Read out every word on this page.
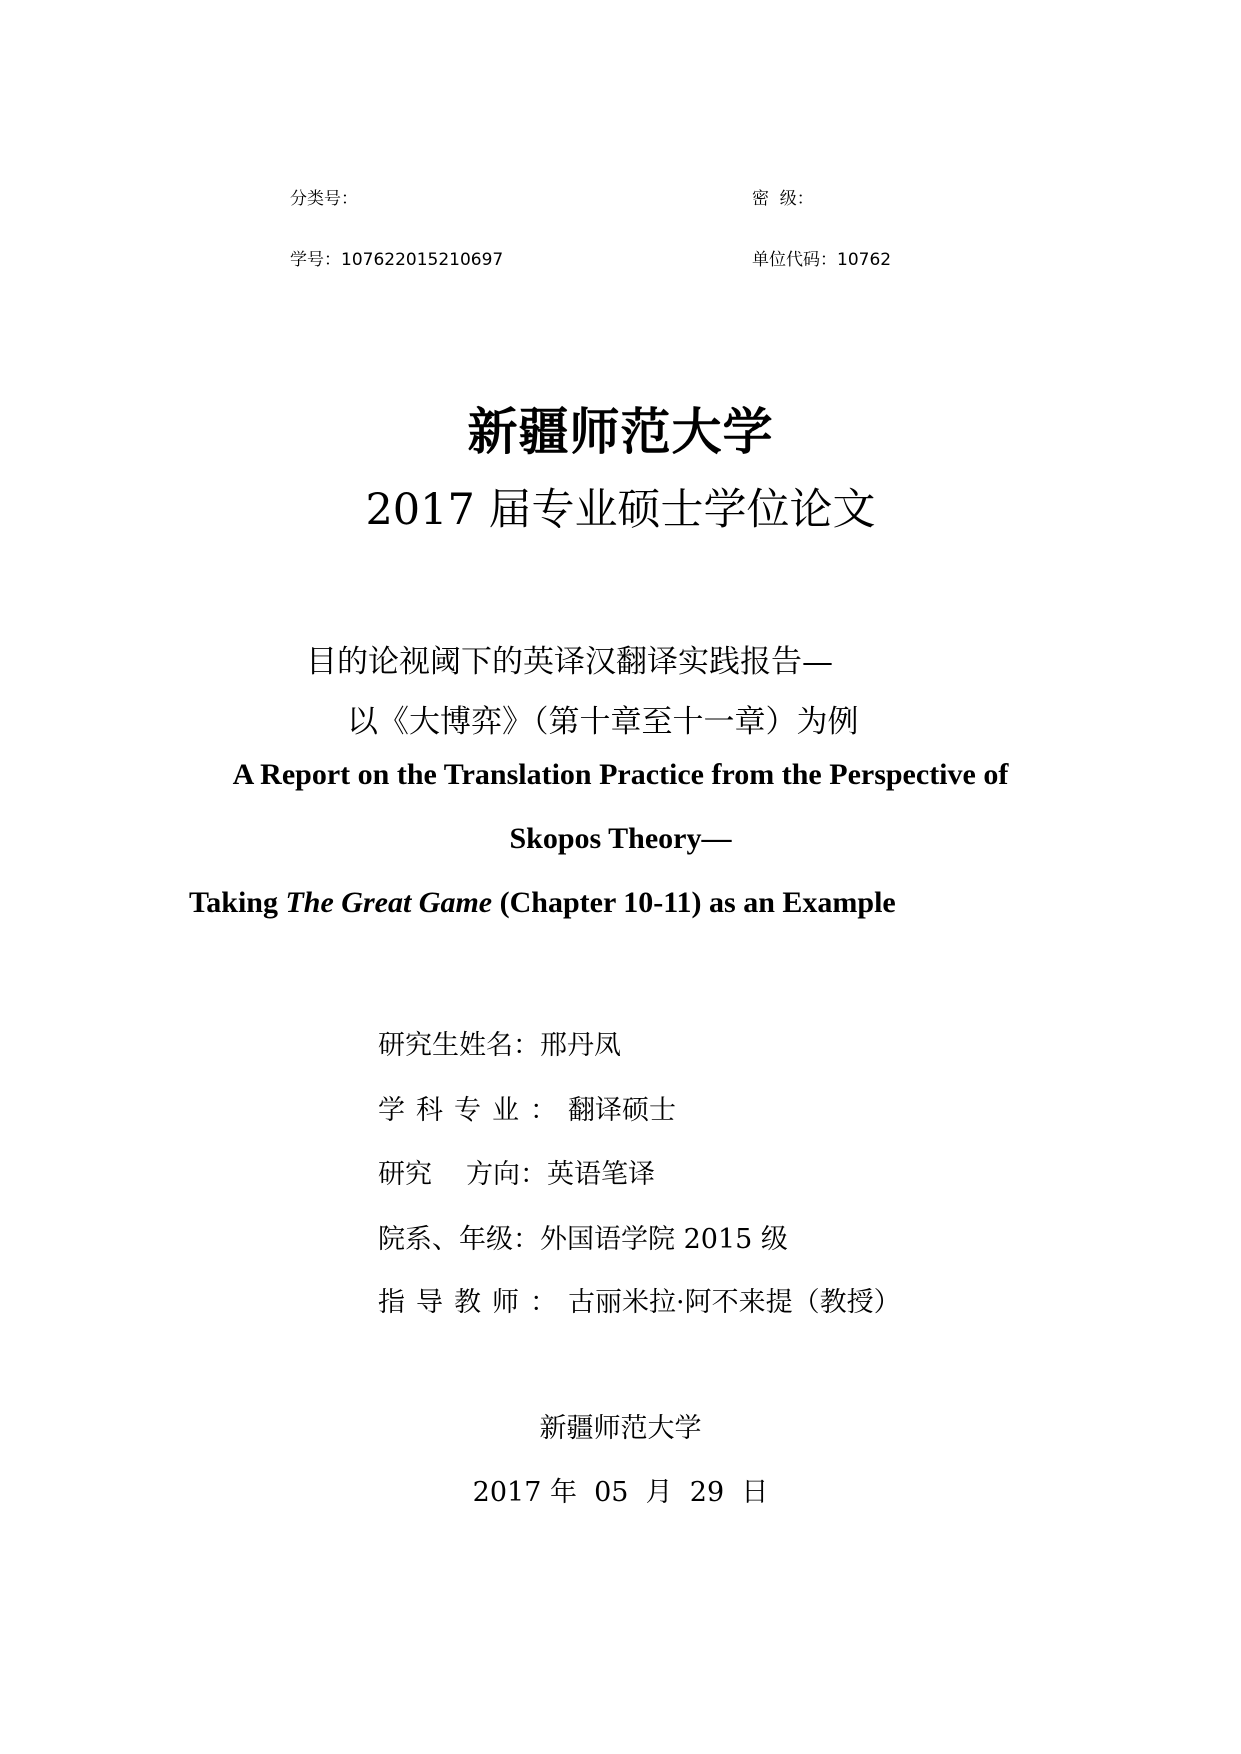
分类号：	密  级：
学号：107622015210697	单位代码：10762
新疆师范大学
2017 届专业硕士学位论文
目的论视阈下的英译汉翻译实践报告—
以《大博弈》（第十章至十一章）为例
A Report on the Translation Practice from the Perspective of
Skopos Theory—
Taking The Great Game (Chapter 10-11) as an Example
研究生姓名：邢丹凤
学科专业：翻译硕士
研究 方向：英语笔译
院系、年级：外国语学院 2015 级
指导教师：古丽米拉·阿不来提（教授）
新疆师范大学
2017 年  05  月  29  日
